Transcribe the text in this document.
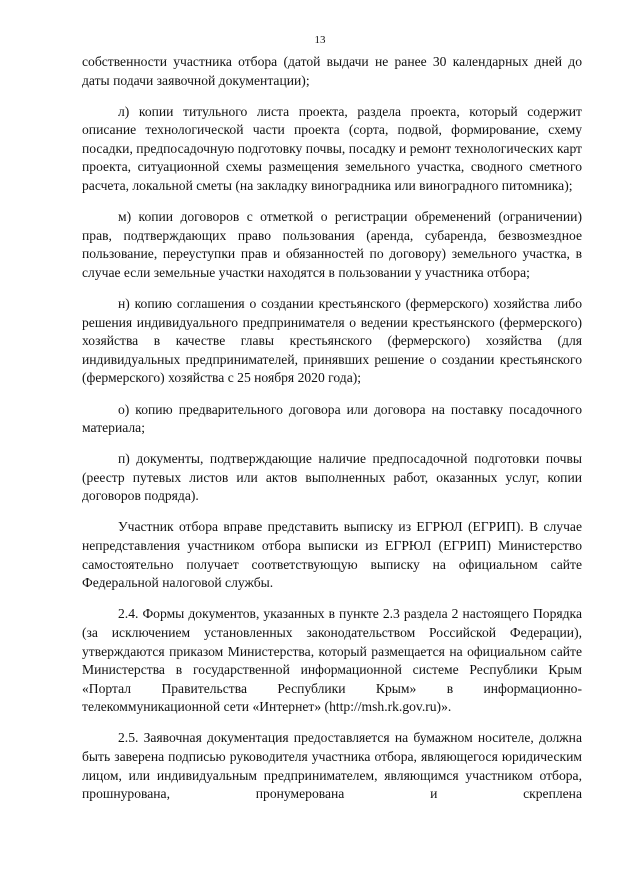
13

собственности участника отбора (датой выдачи не ранее 30 календарных дней до даты подачи заявочной документации);

л) копии титульного листа проекта, раздела проекта, который содержит описание технологической части проекта (сорта, подвой, формирование, схему посадки, предпосадочную подготовку почвы, посадку и ремонт технологических карт проекта, ситуационной схемы размещения земельного участка, сводного сметного расчета, локальной сметы (на закладку виноградника или виноградного питомника);

м) копии договоров с отметкой о регистрации обременений (ограничении) прав, подтверждающих право пользования (аренда, субаренда, безвозмездное пользование, переуступки прав и обязанностей по договору) земельного участка, в случае если земельные участки находятся в пользовании у участника отбора;

н) копию соглашения о создании крестьянского (фермерского) хозяйства либо решения индивидуального предпринимателя о ведении крестьянского (фермерского) хозяйства в качестве главы крестьянского (фермерского) хозяйства (для индивидуальных предпринимателей, принявших решение о создании крестьянского (фермерского) хозяйства с 25 ноября 2020 года);

о) копию предварительного договора или договора на поставку посадочного материала;

п) документы, подтверждающие наличие предпосадочной подготовки почвы (реестр путевых листов или актов выполненных работ, оказанных услуг, копии договоров подряда).

Участник отбора вправе представить выписку из ЕГРЮЛ (ЕГРИП). В случае непредставления участником отбора выписки из ЕГРЮЛ (ЕГРИП) Министерство самостоятельно получает соответствующую выписку на официальном сайте Федеральной налоговой службы.

2.4. Формы документов, указанных в пункте 2.3 раздела 2 настоящего Порядка (за исключением установленных законодательством Российской Федерации), утверждаются приказом Министерства, который размещается на официальном сайте Министерства в государственной информационной системе Республики Крым «Портал Правительства Республики Крым» в информационно-телекоммуникационной сети «Интернет» (http://msh.rk.gov.ru)».

2.5. Заявочная документация предоставляется на бумажном носителе, должна быть заверена подписью руководителя участника отбора, являющегося юридическим лицом, или индивидуальным предпринимателем, являющимся участником отбора, прошнурована, пронумерована и скреплена
